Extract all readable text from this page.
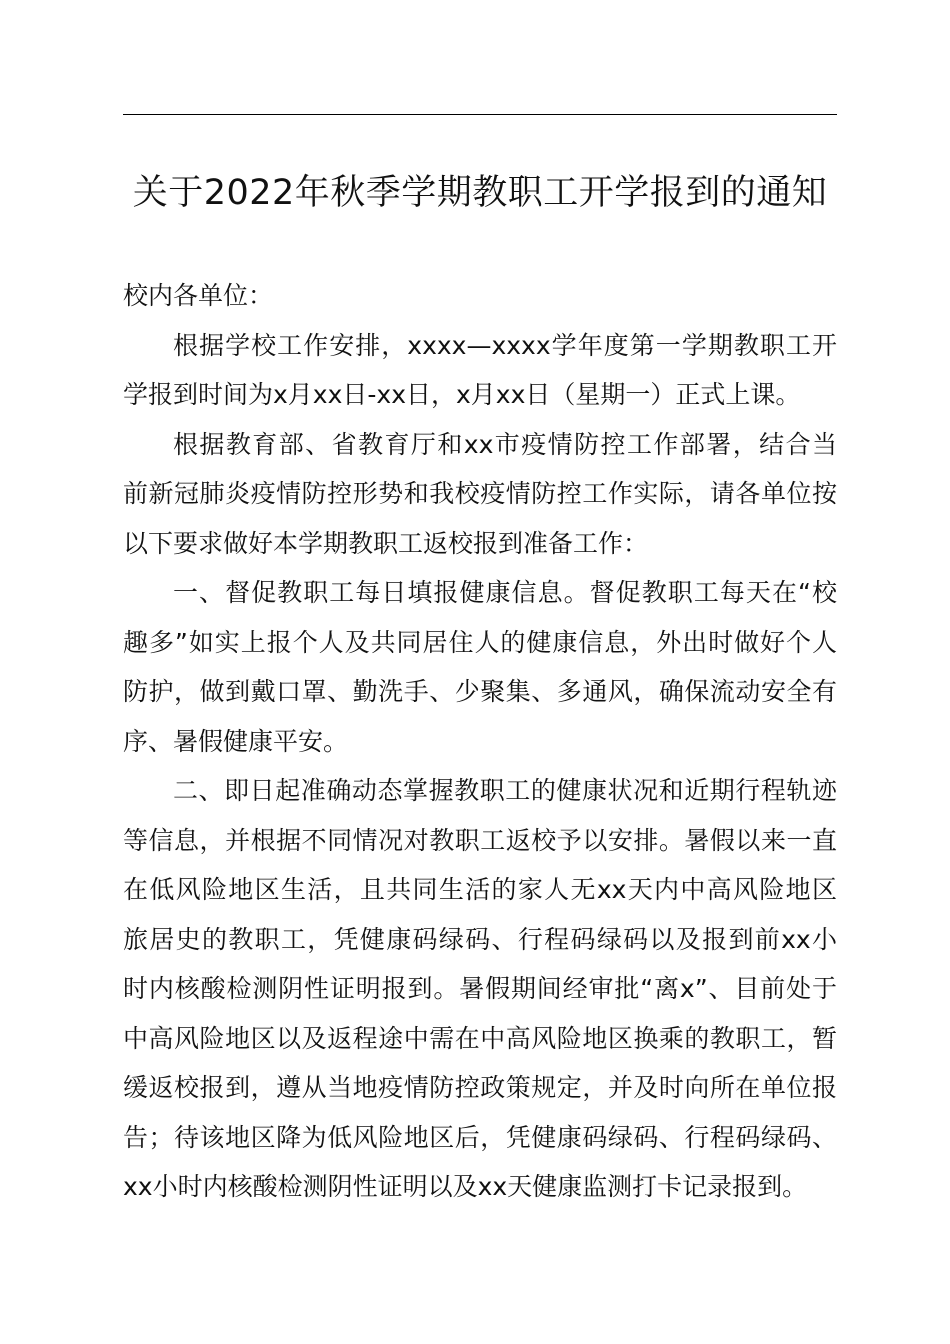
关于2022年秋季学期教职工开学报到的通知
校内各单位：
根据学校工作安排，xxxx—xxxx学年度第一学期教职工开
学报到时间为x月xx日-xx日，x月xx日（星期一）正式上课。
根据教育部、省教育厅和xx市疫情防控工作部署，结合当
前新冠肺炎疫情防控形势和我校疫情防控工作实际，请各单位按
以下要求做好本学期教职工返校报到准备工作：
一、督促教职工每日填报健康信息。督促教职工每天在“校
趣多”如实上报个人及共同居住人的健康信息，外出时做好个人
防护，做到戴口罩、勤洗手、少聚集、多通风，确保流动安全有
序、暑假健康平安。
二、即日起准确动态掌握教职工的健康状况和近期行程轨迹
等信息，并根据不同情况对教职工返校予以安排。暑假以来一直
在低风险地区生活，且共同生活的家人无xx天内中高风险地区
旅居史的教职工，凭健康码绿码、行程码绿码以及报到前xx小
时内核酸检测阴性证明报到。暑假期间经审批“离x”、目前处于
中高风险地区以及返程途中需在中高风险地区换乘的教职工，暂
缓返校报到，遵从当地疫情防控政策规定，并及时向所在单位报
告；待该地区降为低风险地区后，凭健康码绿码、行程码绿码、
xx小时内核酸检测阴性证明以及xx天健康监测打卡记录报到。
